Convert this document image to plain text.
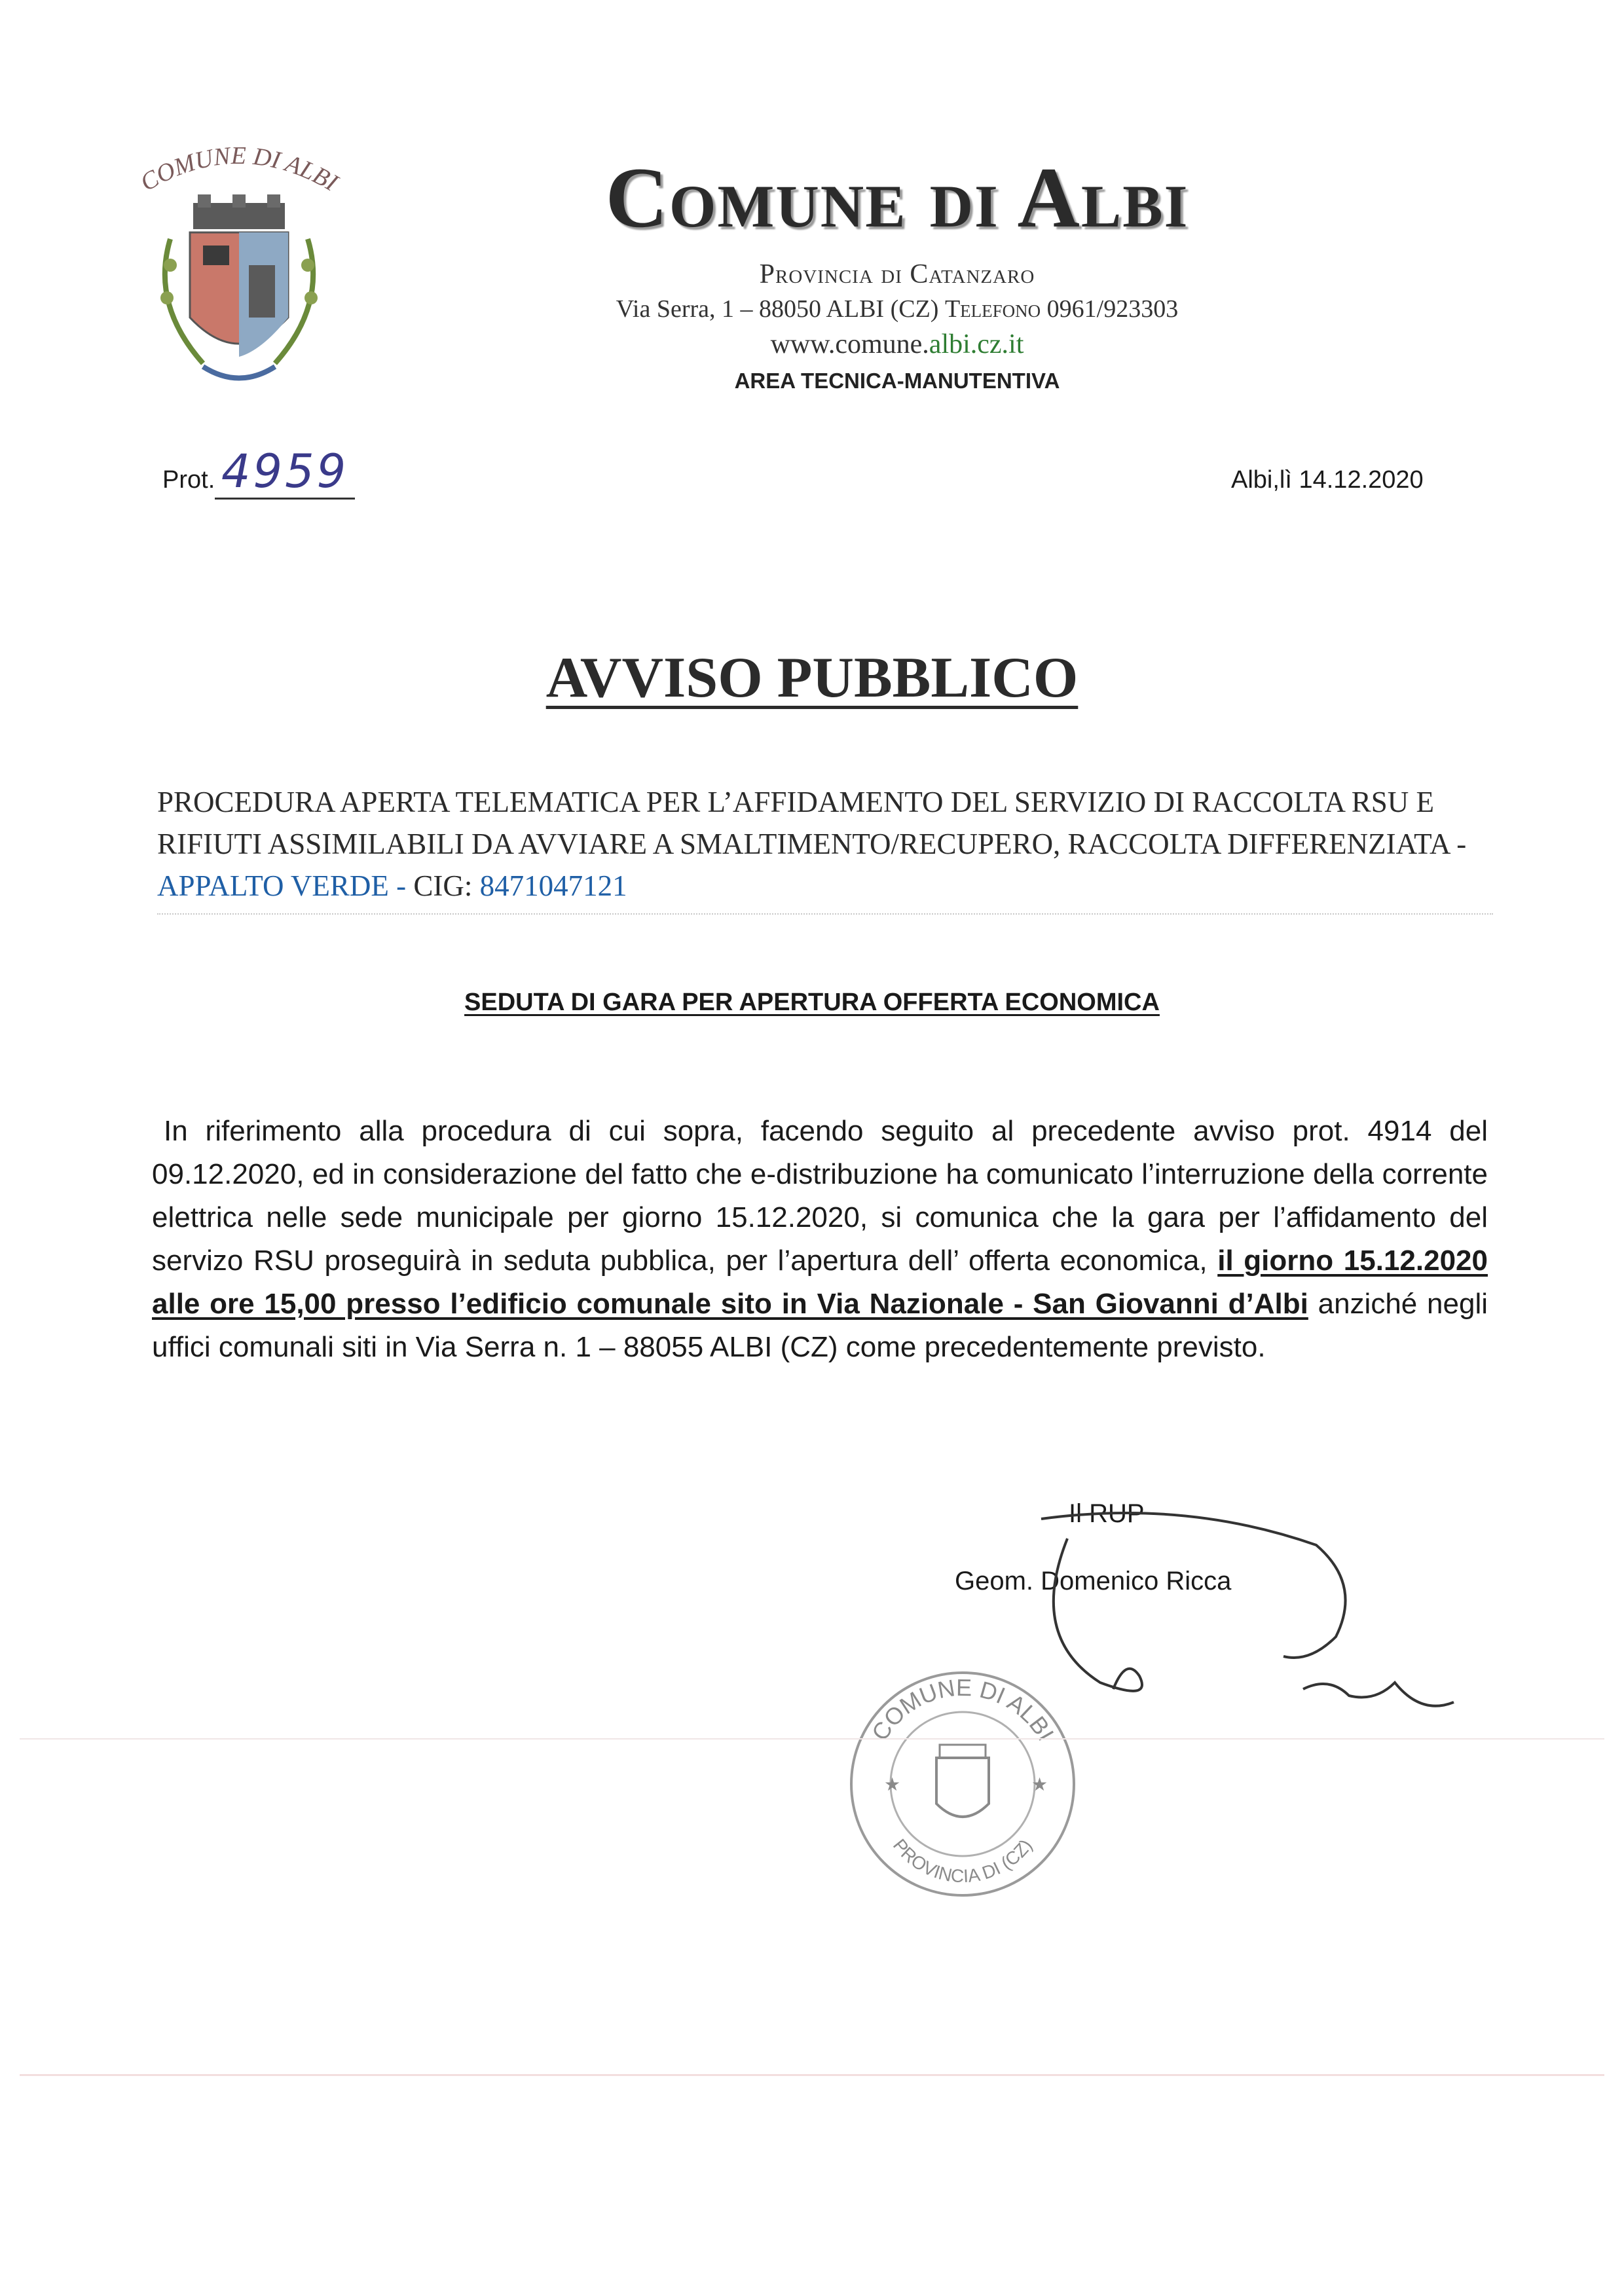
COMUNE DI ALBI	Comune di Albi
Provincia di Catanzaro
Via Serra, 1 – 88050 ALBI (CZ) Telefono 0961/923303
www.comune.albi.cz.it
AREA TECNICA-MANUTENTIVA
Prot. 4959	Albi,lì 14.12.2020
AVVISO PUBBLICO
PROCEDURA APERTA TELEMATICA PER L’AFFIDAMENTO DEL SERVIZIO DI RACCOLTA RSU E RIFIUTI ASSIMILABILI DA AVVIARE A SMALTIMENTO/RECUPERO, RACCOLTA DIFFERENZIATA - APPALTO VERDE - CIG: 8471047121
SEDUTA DI GARA PER APERTURA OFFERTA ECONOMICA

In riferimento alla procedura di cui sopra, facendo seguito al precedente avviso prot. 4914 del 09.12.2020, ed in considerazione del fatto che e-distribuzione ha comunicato l’interruzione della corrente elettrica nelle sede municipale per giorno 15.12.2020, si comunica che la gara per l’affidamento del servizo RSU proseguirà in seduta pubblica, per l’apertura dell’ offerta economica, il giorno 15.12.2020 alle ore 15,00 presso l’edificio comunale sito in Via Nazionale - San Giovanni d’Albi anziché negli uffici comunali siti in Via Serra n. 1 – 88055 ALBI (CZ) come precedentemente previsto.

Il RUP
Geom. Domenico Ricca
COMUNE DI ALBI
PROVINCIA DI (CZ)
★	★
